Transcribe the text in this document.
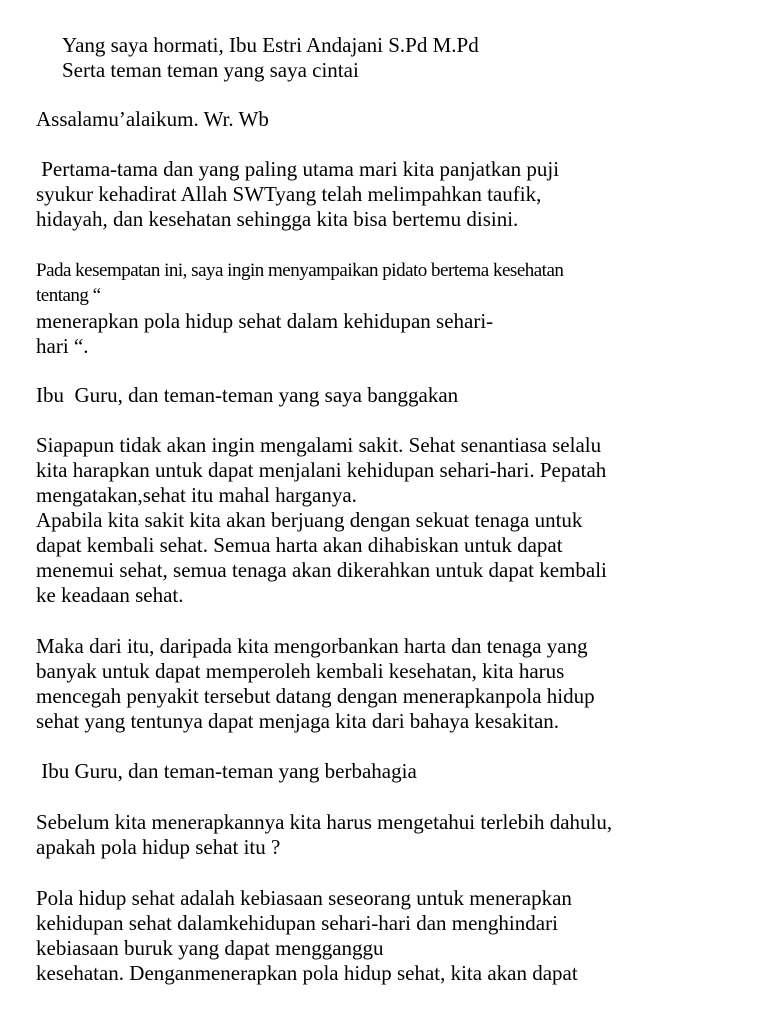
Yang saya hormati, Ibu Estri Andajani S.Pd M.Pd
Serta teman teman yang saya cintai
Assalamu’alaikum. Wr. Wb
Pertama-tama dan yang paling utama mari kita panjatkan puji
syukur kehadirat Allah SWTyang telah melimpahkan taufik,
hidayah, dan kesehatan sehingga kita bisa bertemu disini.
Pada kesempatan ini, saya ingin menyampaikan pidato bertema kesehatan
tentang “
menerapkan pola hidup sehat dalam kehidupan sehari-
hari “.
Ibu  Guru, dan teman-teman yang saya banggakan
Siapapun tidak akan ingin mengalami sakit. Sehat senantiasa selalu
kita harapkan untuk dapat menjalani kehidupan sehari-hari. Pepatah
mengatakan,sehat itu mahal harganya.
Apabila kita sakit kita akan berjuang dengan sekuat tenaga untuk
dapat kembali sehat. Semua harta akan dihabiskan untuk dapat
menemui sehat, semua tenaga akan dikerahkan untuk dapat kembali
ke keadaan sehat.
Maka dari itu, daripada kita mengorbankan harta dan tenaga yang
banyak untuk dapat memperoleh kembali kesehatan, kita harus
mencegah penyakit tersebut datang dengan menerapkanpola hidup
sehat yang tentunya dapat menjaga kita dari bahaya kesakitan.
Ibu Guru, dan teman-teman yang berbahagia
Sebelum kita menerapkannya kita harus mengetahui terlebih dahulu,
apakah pola hidup sehat itu ?
Pola hidup sehat adalah kebiasaan seseorang untuk menerapkan
kehidupan sehat dalamkehidupan sehari-hari dan menghindari
kebiasaan buruk yang dapat mengganggu
kesehatan. Denganmenerapkan pola hidup sehat, kita akan dapat
